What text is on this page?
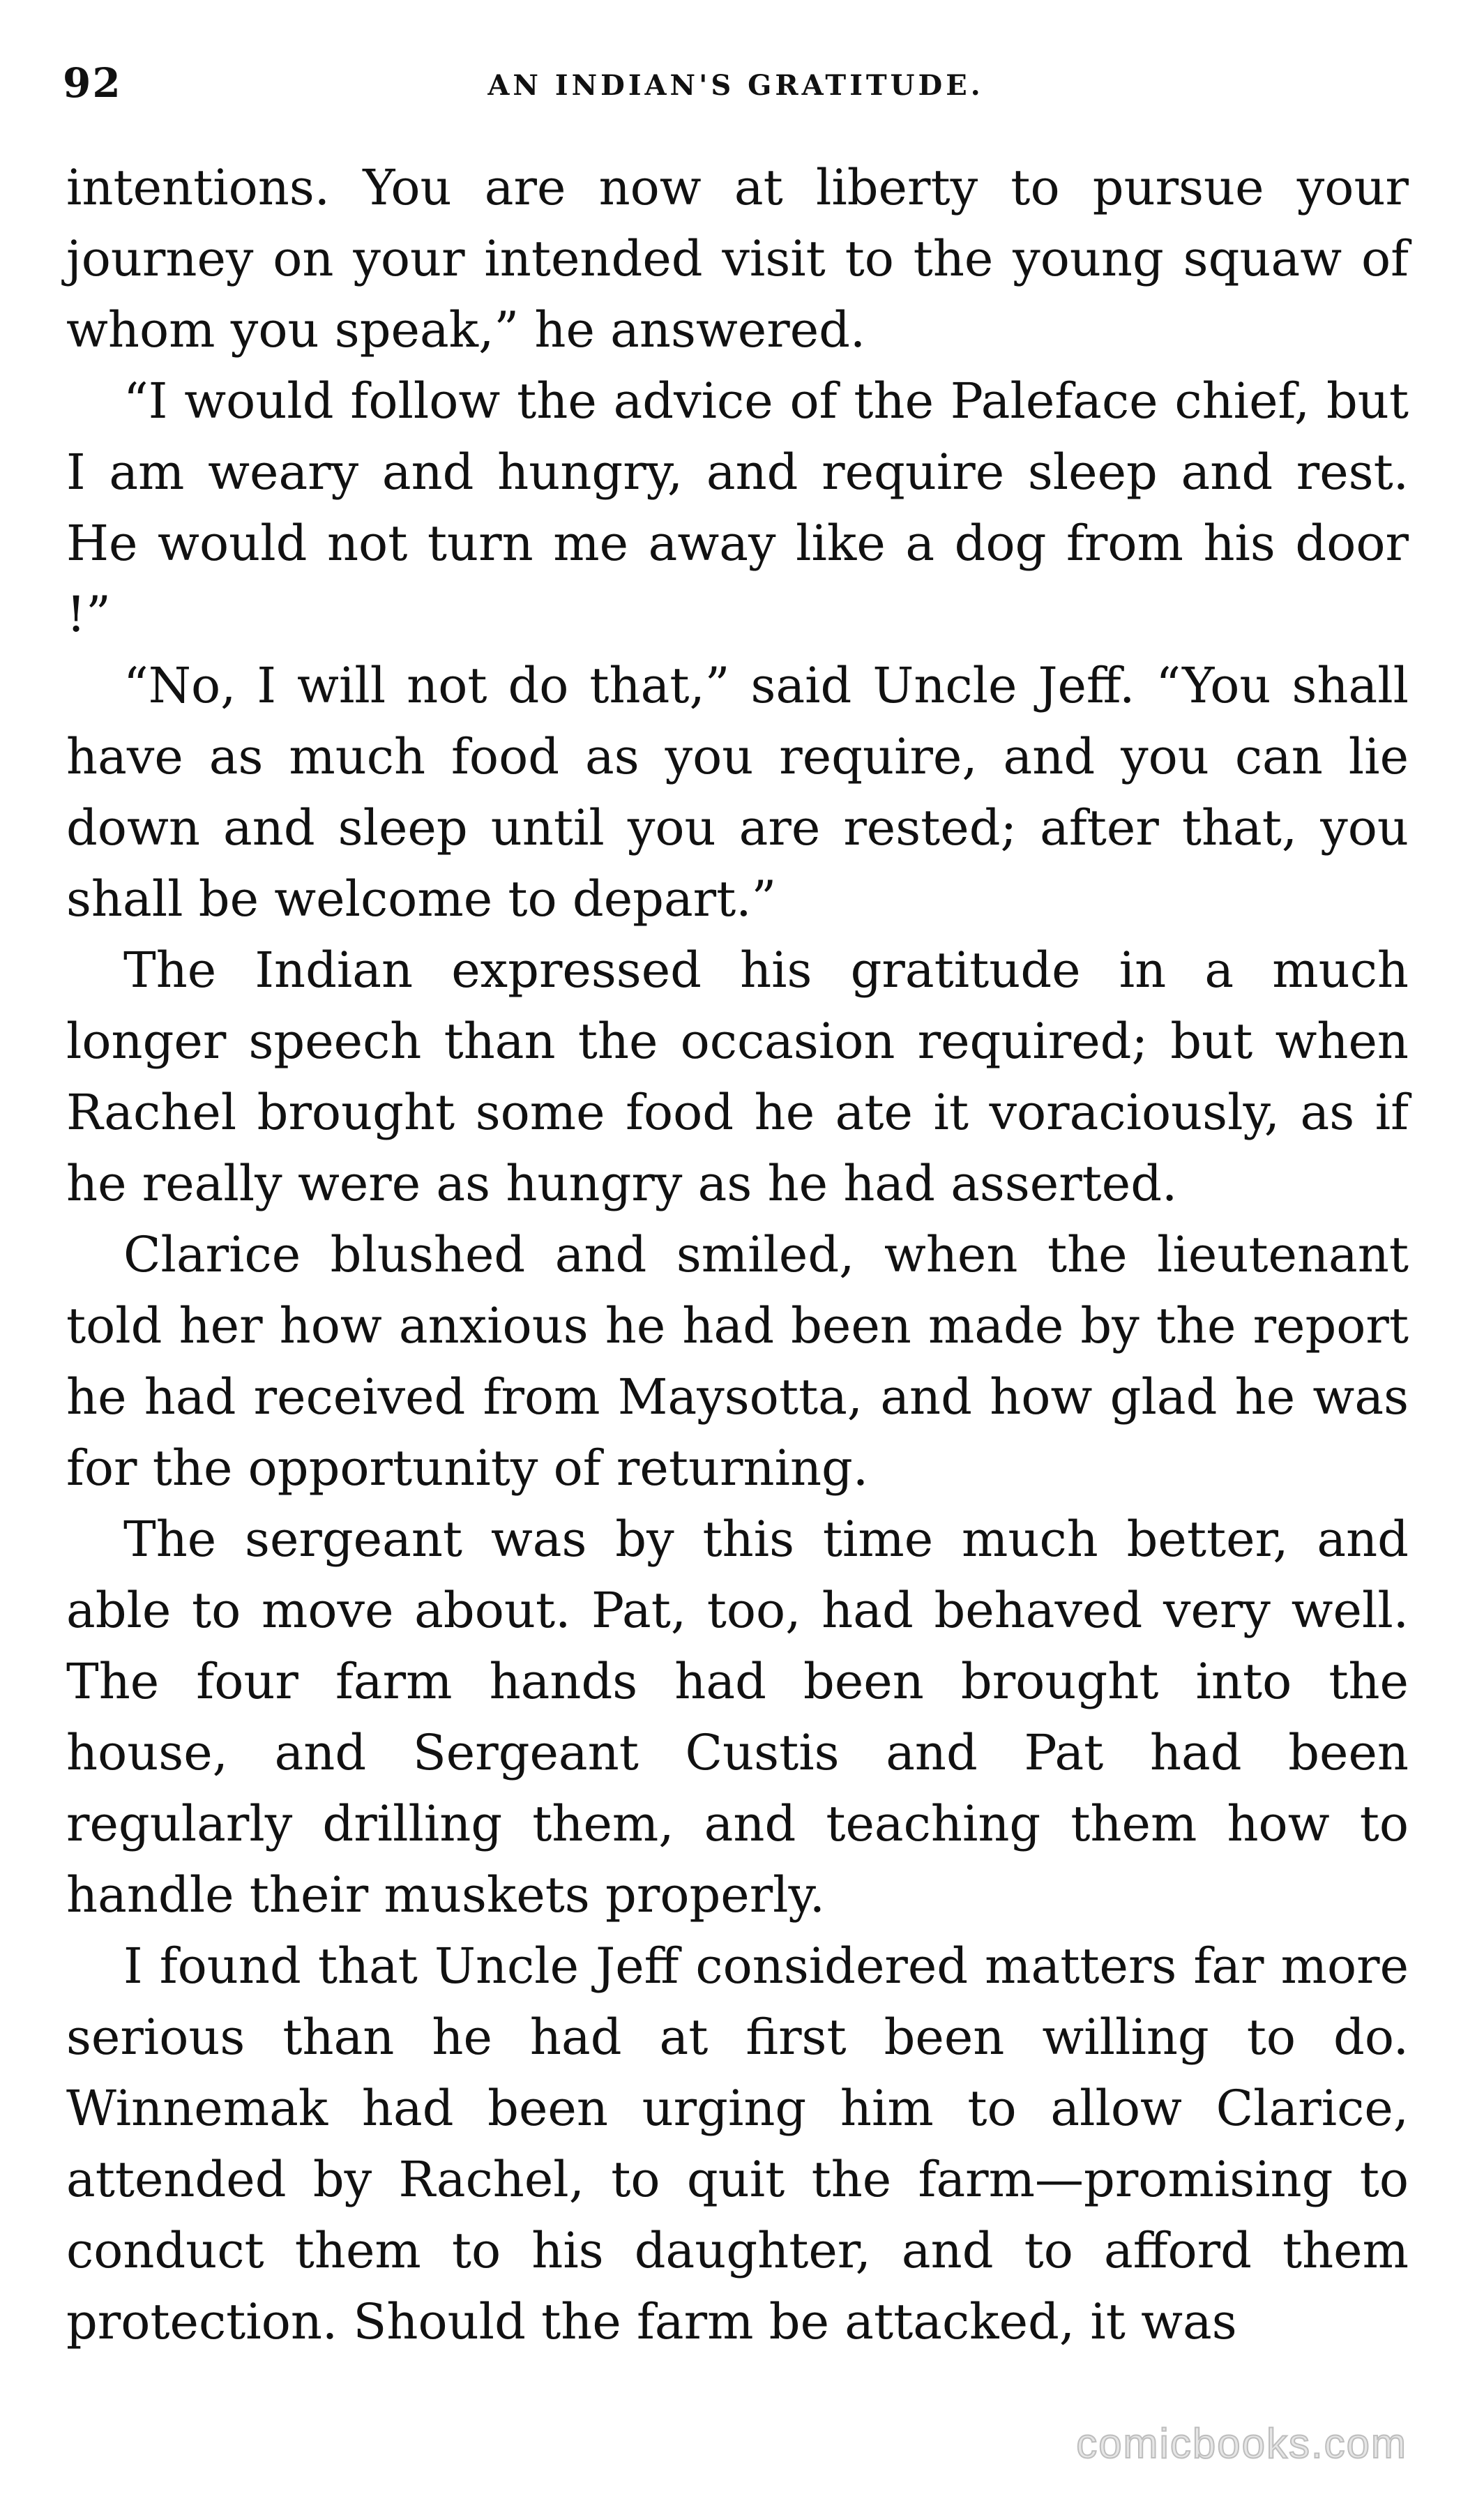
92	AN INDIAN'S GRATITUDE.

intentions. You are now at liberty to pursue your journey on your intended visit to the young squaw of whom you speak,” he answered.

“I would follow the advice of the Paleface chief, but I am weary and hungry, and require sleep and rest. He would not turn me away like a dog from his door !”

“No, I will not do that,” said Uncle Jeff. “You shall have as much food as you require, and you can lie down and sleep until you are rested; after that, you shall be welcome to depart.”

The Indian expressed his gratitude in a much longer speech than the occasion required; but when Rachel brought some food he ate it voraciously, as if he really were as hungry as he had asserted.

Clarice blushed and smiled, when the lieutenant told her how anxious he had been made by the report he had received from Maysotta, and how glad he was for the opportunity of returning.

The sergeant was by this time much better, and able to move about. Pat, too, had behaved very well. The four farm hands had been brought into the house, and Sergeant Custis and Pat had been regularly drilling them, and teaching them how to handle their muskets properly.

I found that Uncle Jeff considered matters far more serious than he had at first been willing to do. Winnemak had been urging him to allow Clarice, attended by Rachel, to quit the farm—promising to conduct them to his daughter, and to afford them protection. Should the farm be attacked, it was

comicbooks.com
